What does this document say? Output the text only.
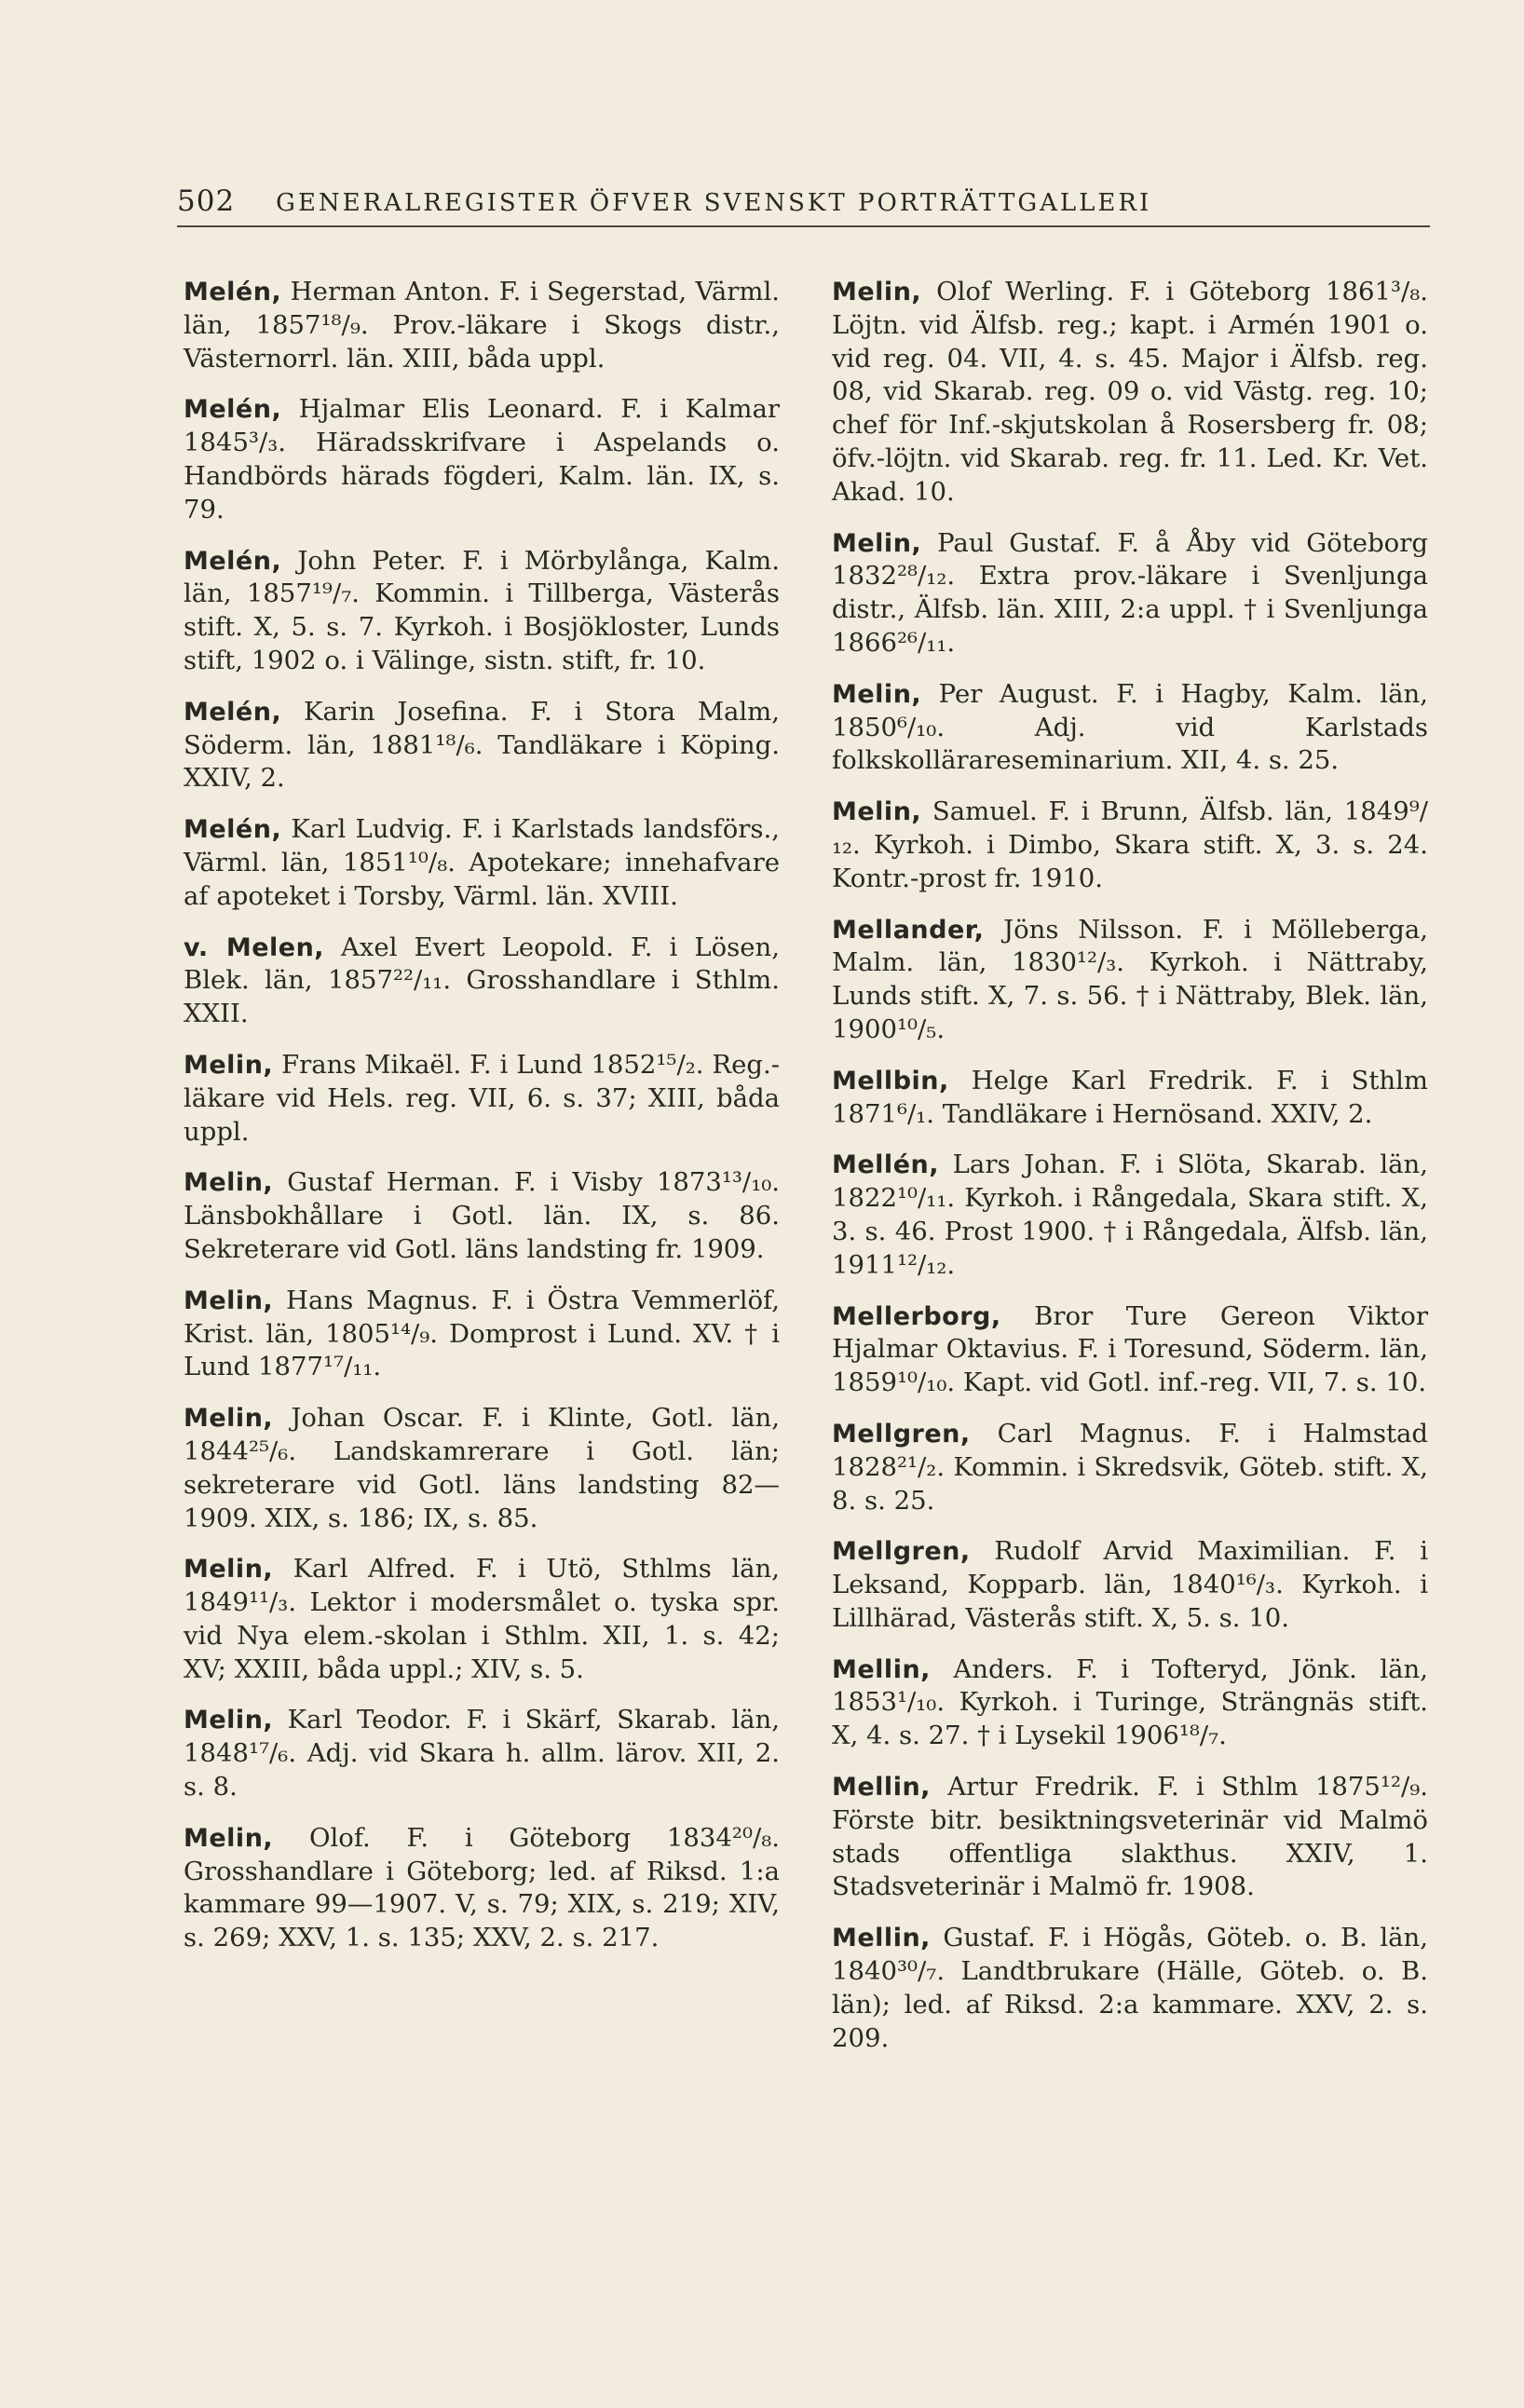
502 GENERALREGISTER ÖFVER SVENSKT PORTRÄTTGALLERI

Melén, Herman Anton. F. i Segerstad, Värml. län, 1857¹⁸/₉. Prov.-läkare i Skogs distr., Västernorrl. län. XIII, båda uppl.

Melén, Hjalmar Elis Leonard. F. i Kalmar 1845³/₃. Häradsskrifvare i Aspelands o. Handbörds härads fögderi, Kalm. län. IX, s. 79.

Melén, John Peter. F. i Mörbylånga, Kalm. län, 1857¹⁹/₇. Kommin. i Tillberga, Västerås stift. X, 5. s. 7. Kyrkoh. i Bosjökloster, Lunds stift, 1902 o. i Välinge, sistn. stift, fr. 10.

Melén, Karin Josefina. F. i Stora Malm, Söderm. län, 1881¹⁸/₆. Tandläkare i Köping. XXIV, 2.

Melén, Karl Ludvig. F. i Karlstads landsförs., Värml. län, 1851¹⁰/₈. Apotekare; innehafvare af apoteket i Torsby, Värml. län. XVIII.

v. Melen, Axel Evert Leopold. F. i Lösen, Blek. län, 1857²²/₁₁. Grosshandlare i Sthlm. XXII.

Melin, Frans Mikaël. F. i Lund 1852¹⁵/₂. Reg.-läkare vid Hels. reg. VII, 6. s. 37; XIII, båda uppl.

Melin, Gustaf Herman. F. i Visby 1873¹³/₁₀. Länsbokhållare i Gotl. län. IX, s. 86. Sekreterare vid Gotl. läns landsting fr. 1909.

Melin, Hans Magnus. F. i Östra Vemmerlöf, Krist. län, 1805¹⁴/₉. Domprost i Lund. XV. † i Lund 1877¹⁷/₁₁.

Melin, Johan Oscar. F. i Klinte, Gotl. län, 1844²⁵/₆. Landskamrerare i Gotl. län; sekreterare vid Gotl. läns landsting 82—1909. XIX, s. 186; IX, s. 85.

Melin, Karl Alfred. F. i Utö, Sthlms län, 1849¹¹/₃. Lektor i modersmålet o. tyska spr. vid Nya elem.-skolan i Sthlm. XII, 1. s. 42; XV; XXIII, båda uppl.; XIV, s. 5.

Melin, Karl Teodor. F. i Skärf, Skarab. län, 1848¹⁷/₆. Adj. vid Skara h. allm. lärov. XII, 2. s. 8.

Melin, Olof. F. i Göteborg 1834²⁰/₈. Grosshandlare i Göteborg; led. af Riksd. 1:a kammare 99—1907. V, s. 79; XIX, s. 219; XIV, s. 269; XXV, 1. s. 135; XXV, 2. s. 217.

Melin, Olof Werling. F. i Göteborg 1861³/₈. Löjtn. vid Älfsb. reg.; kapt. i Armén 1901 o. vid reg. 04. VII, 4. s. 45. Major i Älfsb. reg. 08, vid Skarab. reg. 09 o. vid Västg. reg. 10; chef för Inf.-skjutskolan å Rosersberg fr. 08; öfv.-löjtn. vid Skarab. reg. fr. 11. Led. Kr. Vet. Akad. 10.

Melin, Paul Gustaf. F. å Åby vid Göteborg 1832²⁸/₁₂. Extra prov.-läkare i Svenljunga distr., Älfsb. län. XIII, 2:a uppl. † i Svenljunga 1866²⁶/₁₁.

Melin, Per August. F. i Hagby, Kalm. län, 1850⁶/₁₀. Adj. vid Karlstads folkskollärareseminarium. XII, 4. s. 25.

Melin, Samuel. F. i Brunn, Älfsb. län, 1849⁹/₁₂. Kyrkoh. i Dimbo, Skara stift. X, 3. s. 24. Kontr.-prost fr. 1910.

Mellander, Jöns Nilsson. F. i Mölleberga, Malm. län, 1830¹²/₃. Kyrkoh. i Nättraby, Lunds stift. X, 7. s. 56. † i Nättraby, Blek. län, 1900¹⁰/₅.

Mellbin, Helge Karl Fredrik. F. i Sthlm 1871⁶/₁. Tandläkare i Hernösand. XXIV, 2.

Mellén, Lars Johan. F. i Slöta, Skarab. län, 1822¹⁰/₁₁. Kyrkoh. i Rångedala, Skara stift. X, 3. s. 46. Prost 1900. † i Rångedala, Älfsb. län, 1911¹²/₁₂.

Mellerborg, Bror Ture Gereon Viktor Hjalmar Oktavius. F. i Toresund, Söderm. län, 1859¹⁰/₁₀. Kapt. vid Gotl. inf.-reg. VII, 7. s. 10.

Mellgren, Carl Magnus. F. i Halmstad 1828²¹/₂. Kommin. i Skredsvik, Göteb. stift. X, 8. s. 25.

Mellgren, Rudolf Arvid Maximilian. F. i Leksand, Kopparb. län, 1840¹⁶/₃. Kyrkoh. i Lillhärad, Västerås stift. X, 5. s. 10.

Mellin, Anders. F. i Tofteryd, Jönk. län, 1853¹/₁₀. Kyrkoh. i Turinge, Strängnäs stift. X, 4. s. 27. † i Lysekil 1906¹⁸/₇.

Mellin, Artur Fredrik. F. i Sthlm 1875¹²/₉. Förste bitr. besiktningsveterinär vid Malmö stads offentliga slakthus. XXIV, 1. Stadsveterinär i Malmö fr. 1908.

Mellin, Gustaf. F. i Högås, Göteb. o. B. län, 1840³⁰/₇. Landtbrukare (Hälle, Göteb. o. B. län); led. af Riksd. 2:a kammare. XXV, 2. s. 209.
